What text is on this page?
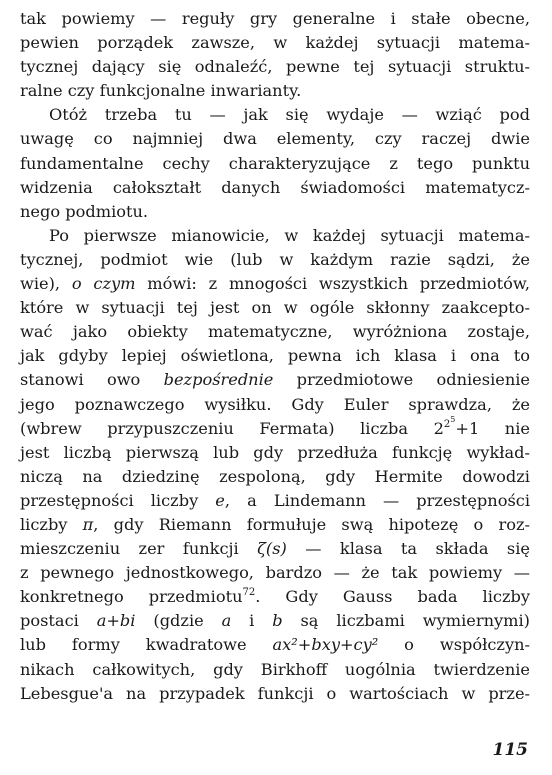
tak powiemy — reguły gry generalne i stałe obecne,
pewien porządek zawsze, w każdej sytuacji matema-
tycznej dający się odnaleźć, pewne tej sytuacji struktu-
ralne czy funkcjonalne inwarianty.

Otóż trzeba tu — jak się wydaje — wziąć pod
uwagę co najmniej dwa elementy, czy raczej dwie
fundamentalne cechy charakteryzujące z tego punktu
widzenia całokształt danych świadomości matematycz-
nego podmiotu.

Po pierwsze mianowicie, w każdej sytuacji matema-
tycznej, podmiot wie (lub w każdym razie sądzi, że
wie), o czym mówi: z mnogości wszystkich przedmiotów,
które w sytuacji tej jest on w ogóle skłonny zaakcepto-
wać jako obiekty matematyczne, wyróżniona zostaje,
jak gdyby lepiej oświetlona, pewna ich klasa i ona to
stanowi owo bezpośrednie przedmiotowe odniesienie
jego poznawczego wysiłku. Gdy Euler sprawdza, że
(wbrew przypuszczeniu Fermata) liczba $2^{2^5}+1$ nie
jest liczbą pierwszą lub gdy przedłuża funkcję wykład-
niczą na dziedzinę zespoloną, gdy Hermite dowodzi
przestępności liczby e, a Lindemann — przestępności
liczby π, gdy Riemann formułuje swą hipotezę o roz-
mieszczeniu zer funkcji ζ(s) — klasa ta składa się
z pewnego jednostkowego, bardzo — że tak powiemy —
konkretnego przedmiotu$^{72}$. Gdy Gauss bada liczby
postaci a+bi (gdzie a i b są liczbami wymiernymi)
lub formy kwadratowe ax²+bxy+cy² o współczyn-
nikach całkowitych, gdy Birkhoff uogólnia twierdzenie
Lebesgue'a na przypadek funkcji o wartościach w prze-

115
